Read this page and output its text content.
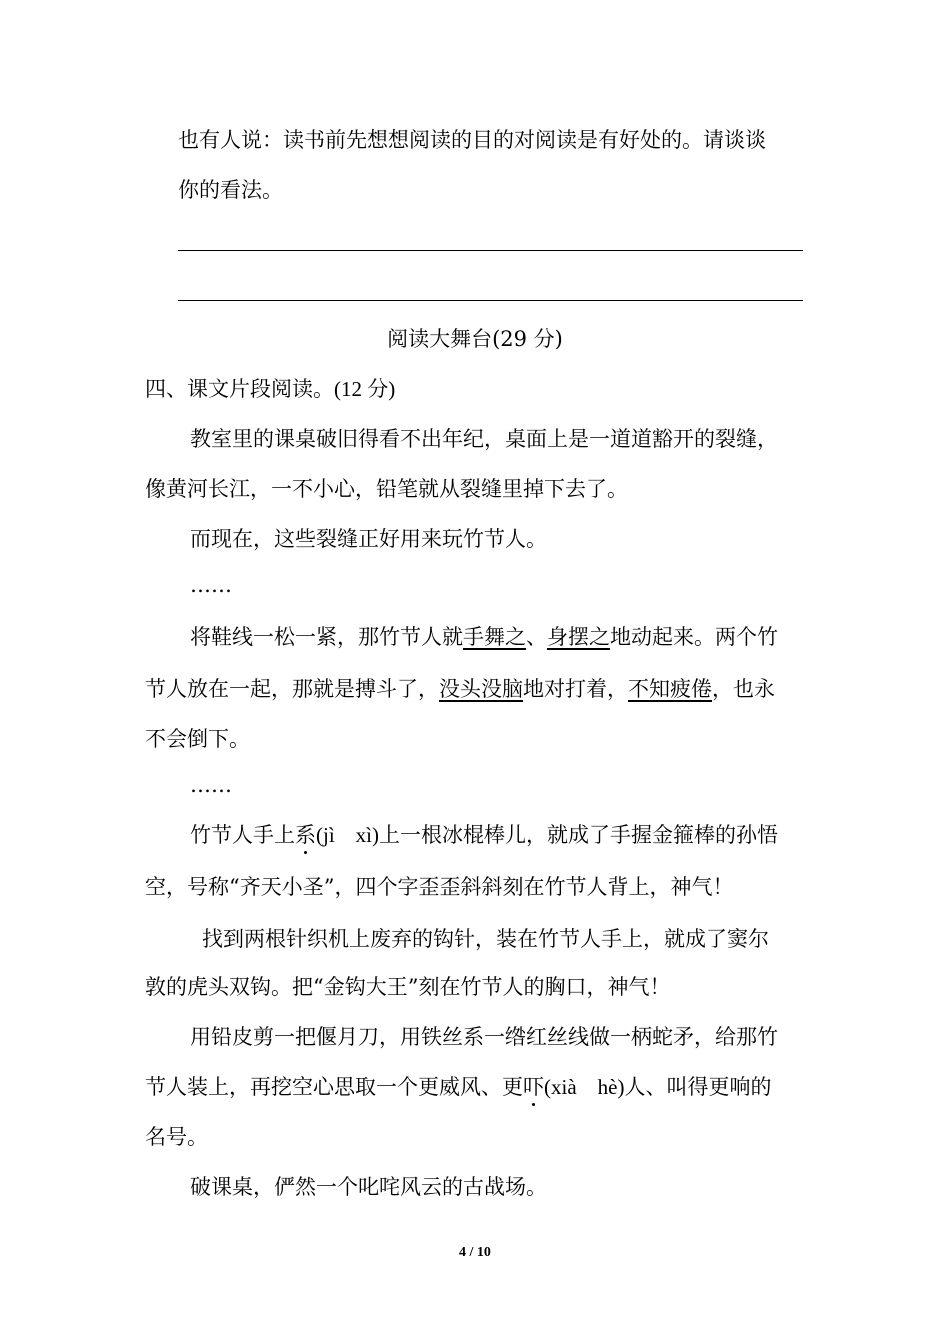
也有人说：读书前先想想阅读的目的对阅读是有好处的。请谈谈
你的看法。
阅读大舞台(29 分)
四、课文片段阅读。(12 分)
教室里的课桌破旧得看不出年纪，桌面上是一道道豁开的裂缝，
像黄河长江，一不小心，铅笔就从裂缝里掉下去了。
而现在，这些裂缝正好用来玩竹节人。
……
将鞋线一松一紧，那竹节人就手舞之、身摆之地动起来。两个竹
节人放在一起，那就是搏斗了，没头没脑地对打着，不知疲倦，也永
不会倒下。
……
竹节人手上系(jì　xì)上一根冰棍棒儿，就成了手握金箍棒的孙悟
空，号称“齐天小圣”，四个字歪歪斜斜刻在竹节人背上，神气！
找到两根针织机上废弃的钩针，装在竹节人手上，就成了窦尔
敦的虎头双钩。把“金钩大王”刻在竹节人的胸口，神气！
用铅皮剪一把偃月刀，用铁丝系一绺红丝线做一柄蛇矛，给那竹
节人装上，再挖空心思取一个更威风、更吓(xià　hè)人、叫得更响的
名号。
破课桌，俨然一个叱咤风云的古战场。
4 / 10
